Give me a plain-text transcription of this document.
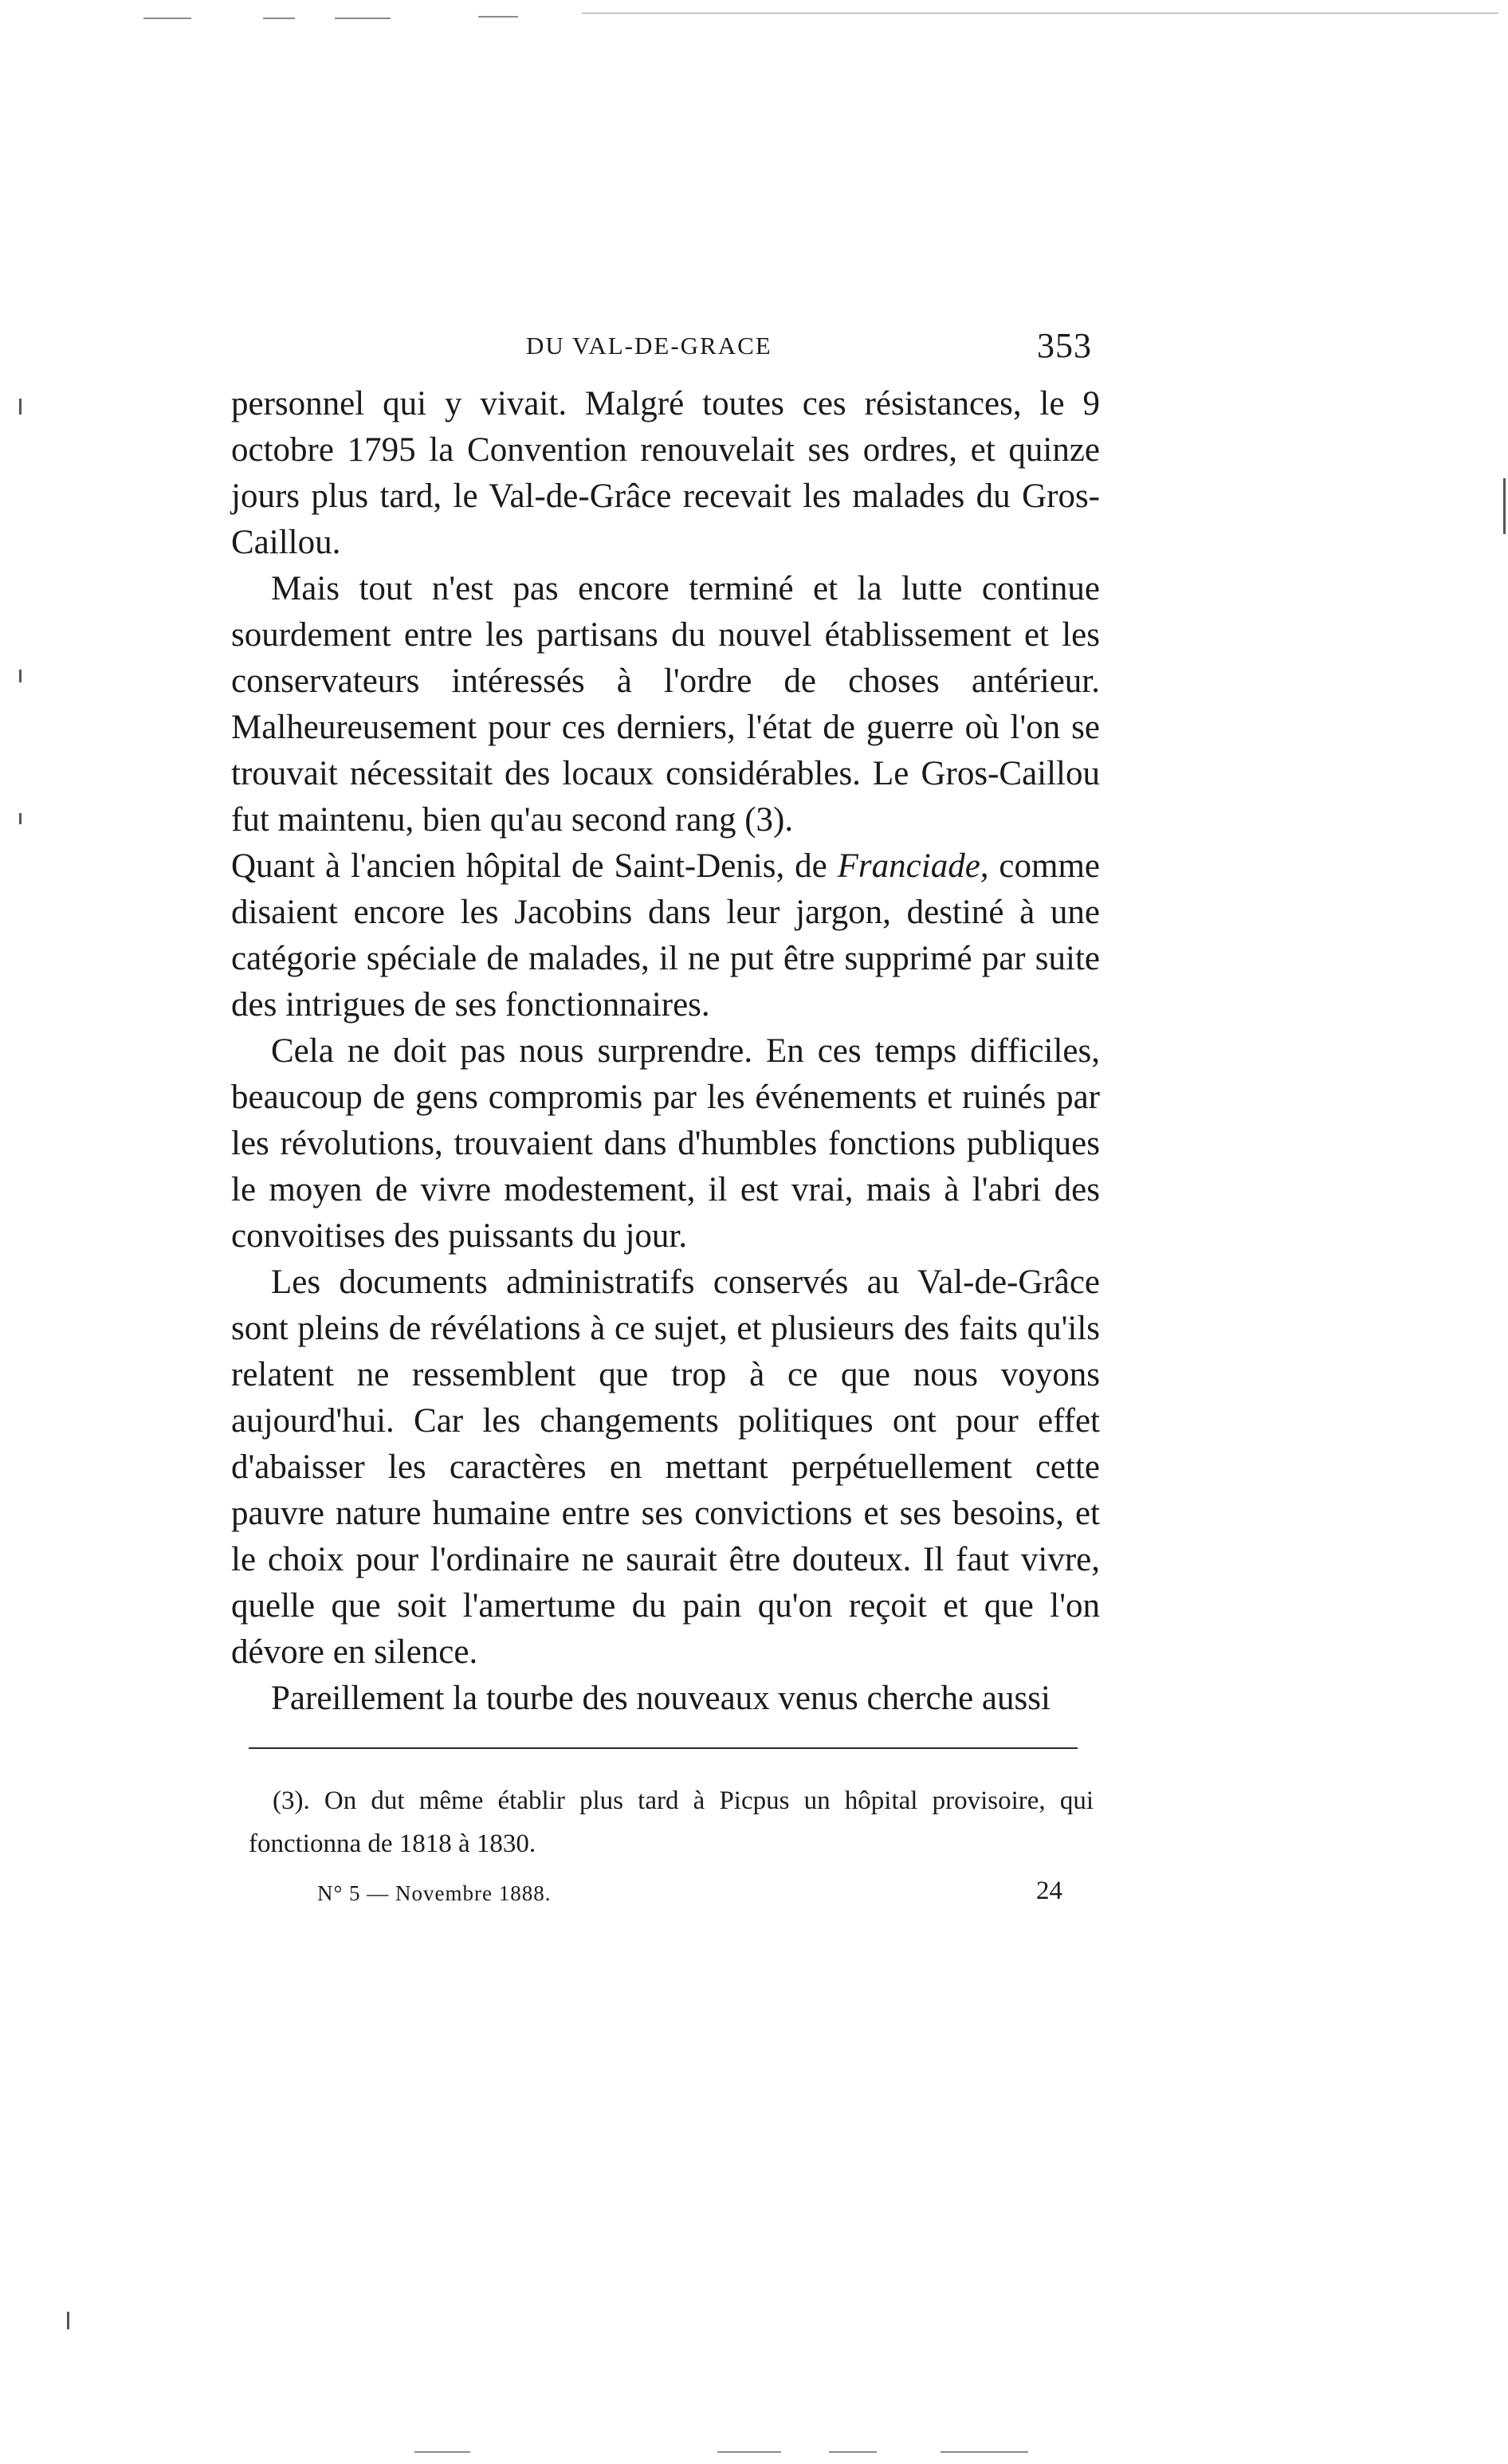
DU VAL-DE-GRACE	353

personnel qui y vivait. Malgré toutes ces résistances, le 9 octobre 1795 la Convention renouvelait ses ordres, et quinze jours plus tard, le Val-de-Grâce recevait les malades du Gros-Caillou.

Mais tout n'est pas encore terminé et la lutte continue sourdement entre les partisans du nouvel établissement et les conservateurs intéressés à l'ordre de choses antérieur. Malheureusement pour ces derniers, l'état de guerre où l'on se trouvait nécessitait des locaux considérables. Le Gros-Caillou fut maintenu, bien qu'au second rang (3).

Quant à l'ancien hôpital de Saint-Denis, de Franciade, comme disaient encore les Jacobins dans leur jargon, destiné à une catégorie spéciale de malades, il ne put être supprimé par suite des intrigues de ses fonctionnaires.

Cela ne doit pas nous surprendre. En ces temps difficiles, beaucoup de gens compromis par les événements et ruinés par les révolutions, trouvaient dans d'humbles fonctions publiques le moyen de vivre modestement, il est vrai, mais à l'abri des convoitises des puissants du jour.

Les documents administratifs conservés au Val-de-Grâce sont pleins de révélations à ce sujet, et plusieurs des faits qu'ils relatent ne ressemblent que trop à ce que nous voyons aujourd'hui. Car les changements politiques ont pour effet d'abaisser les caractères en mettant perpétuellement cette pauvre nature humaine entre ses convictions et ses besoins, et le choix pour l'ordinaire ne saurait être douteux. Il faut vivre, quelle que soit l'amertume du pain qu'on reçoit et que l'on dévore en silence.

Pareillement la tourbe des nouveaux venus cherche aussi

(3). On dut même établir plus tard à Picpus un hôpital provisoire, qui fonctionna de 1818 à 1830.
N° 5 — Novembre 1888.	24
